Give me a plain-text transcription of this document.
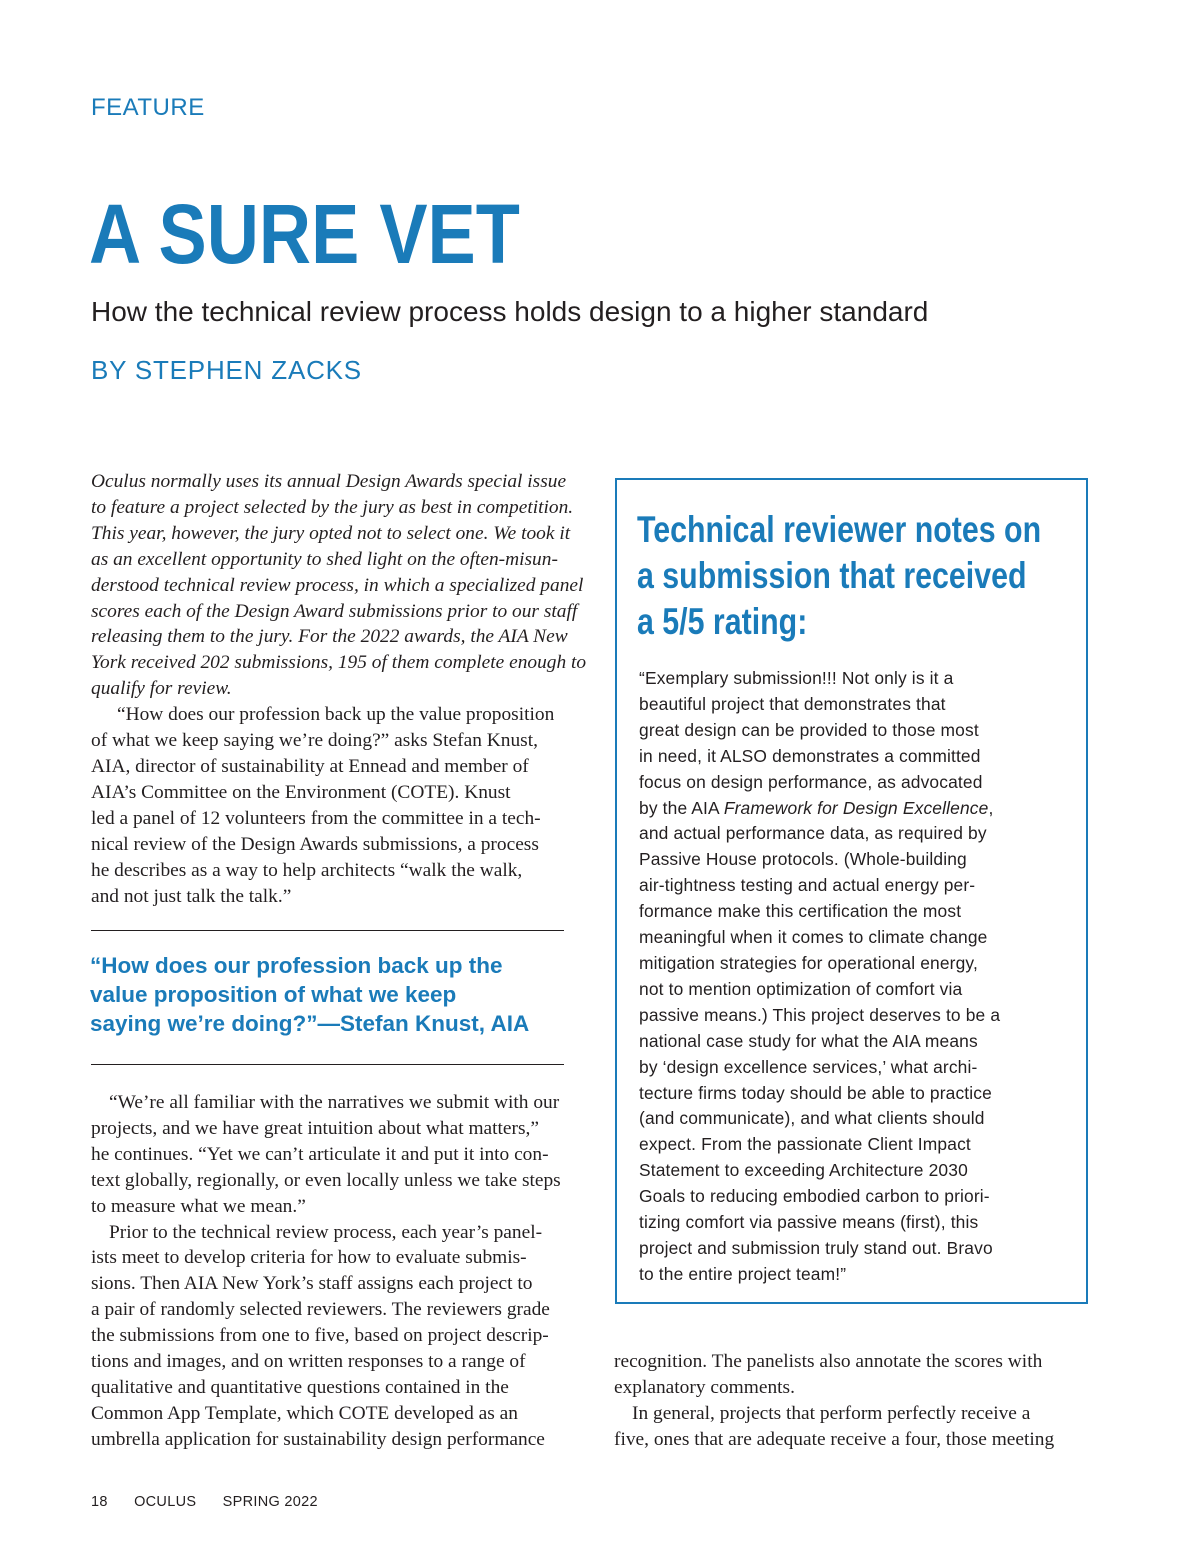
FEATURE
A SURE VET
How the technical review process holds design to a higher standard
BY STEPHEN ZACKS

Oculus normally uses its annual Design Awards special issue
to feature a project selected by the jury as best in competition.
This year, however, the jury opted not to select one. We took it
as an excellent opportunity to shed light on the often-misun-
derstood technical review process, in which a specialized panel
scores each of the Design Award submissions prior to our staff
releasing them to the jury. For the 2022 awards, the AIA New
York received 202 submissions, 195 of them complete enough to
qualify for review.

“How does our profession back up the value proposition
of what we keep saying we’re doing?” asks Stefan Knust,
AIA, director of sustainability at Ennead and member of
AIA’s Committee on the Environment (COTE). Knust
led a panel of 12 volunteers from the committee in a tech-
nical review of the Design Awards submissions, a process
he describes as a way to help architects “walk the walk,
and not just talk the talk.”

“How does our profession back up the
value proposition of what we keep
saying we’re doing?”—Stefan Knust, AIA

“We’re all familiar with the narratives we submit with our
projects, and we have great intuition about what matters,”
he continues. “Yet we can’t articulate it and put it into con-
text globally, regionally, or even locally unless we take steps
to measure what we mean.”

Prior to the technical review process, each year’s panel-
ists meet to develop criteria for how to evaluate submis-
sions. Then AIA New York’s staff assigns each project to
a pair of randomly selected reviewers. The reviewers grade
the submissions from one to five, based on project descrip-
tions and images, and on written responses to a range of
qualitative and quantitative questions contained in the
Common App Template, which COTE developed as an
umbrella application for sustainability design performance

Technical reviewer notes on
a submission that received
a 5/5 rating:

“Exemplary submission!!! Not only is it a
beautiful project that demonstrates that
great design can be provided to those most
in need, it ALSO demonstrates a committed
focus on design performance, as advocated
by the AIA Framework for Design Excellence,
and actual performance data, as required by
Passive House protocols. (Whole-building
air-tightness testing and actual energy per-
formance make this certification the most
meaningful when it comes to climate change
mitigation strategies for operational energy,
not to mention optimization of comfort via
passive means.) This project deserves to be a
national case study for what the AIA means
by ‘design excellence services,’ what archi-
tecture firms today should be able to practice
(and communicate), and what clients should
expect. From the passionate Client Impact
Statement to exceeding Architecture 2030
Goals to reducing embodied carbon to priori-
tizing comfort via passive means (first), this
project and submission truly stand out. Bravo
to the entire project team!”

recognition. The panelists also annotate the scores with
explanatory comments.

In general, projects that perform perfectly receive a
five, ones that are adequate receive a four, those meeting

18 OCULUS SPRING 2022
